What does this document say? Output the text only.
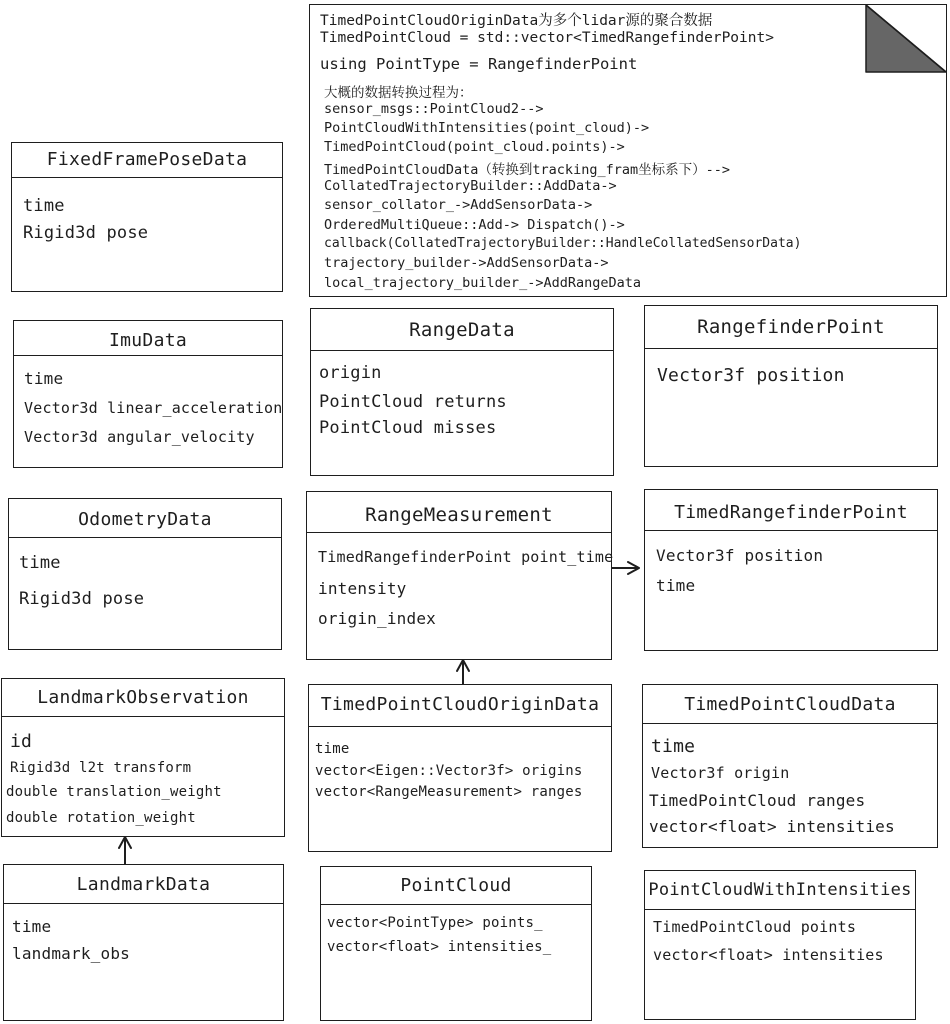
TimedPointCloudOriginData为多个lidar源的聚合数据
TimedPointCloud = std::vector<TimedRangefinderPoint>
using PointType = RangefinderPoint
大概的数据转换过程为：
sensor_msgs::PointCloud2-->
PointCloudWithIntensities(point_cloud)->
TimedPointCloud(point_cloud.points)->
TimedPointCloudData（转换到tracking_fram坐标系下）-->
CollatedTrajectoryBuilder::AddData->
sensor_collator_->AddSensorData->
OrderedMultiQueue::Add-> Dispatch()->
callback(CollatedTrajectoryBuilder::HandleCollatedSensorData)
trajectory_builder->AddSensorData->
local_trajectory_builder_->AddRangeData
FixedFramePoseData
time
Rigid3d pose
ImuData
time
Vector3d linear_acceleration
Vector3d angular_velocity
RangeData
origin
PointCloud returns
PointCloud misses
RangefinderPoint
Vector3f position
OdometryData
time
Rigid3d pose
RangeMeasurement
TimedRangefinderPoint point_time
intensity
origin_index
TimedRangefinderPoint
Vector3f position
time
LandmarkObservation
id
Rigid3d l2t transform
double translation_weight
double rotation_weight
TimedPointCloudOriginData
time
vector<Eigen::Vector3f> origins
vector<RangeMeasurement> ranges
TimedPointCloudData
time
Vector3f origin
TimedPointCloud ranges
vector<float> intensities
LandmarkData
time
landmark_obs
PointCloud
vector<PointType> points_
vector<float> intensities_
PointCloudWithIntensities
TimedPointCloud points
vector<float> intensities
